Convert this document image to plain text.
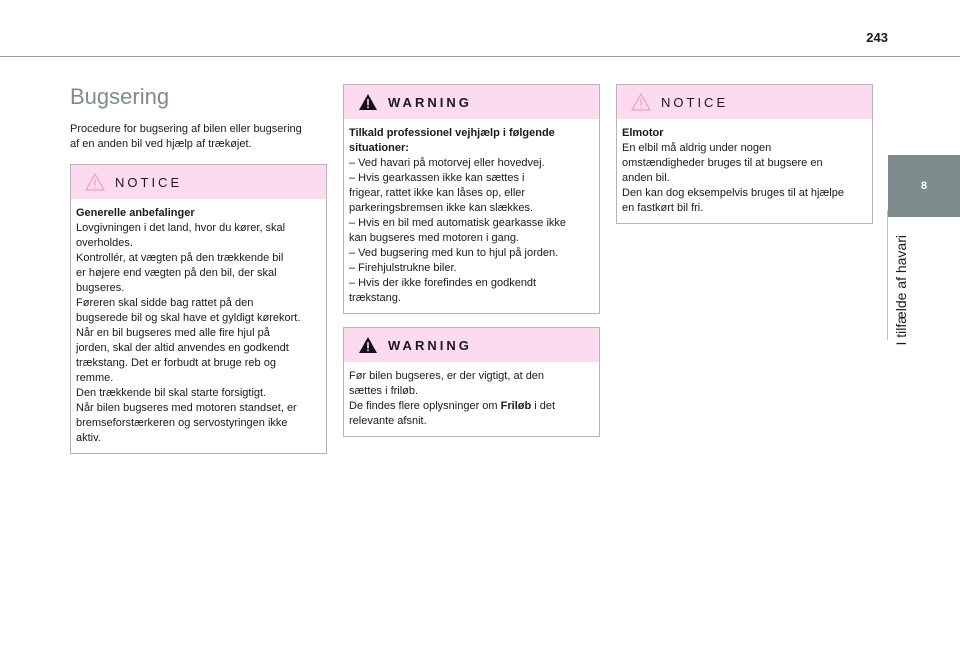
243
Bugsering
Procedure for bugsering af bilen eller bugsering
af en anden bil ved hjælp af trækøjet.
NOTICE
Generelle anbefalinger
Lovgivningen i det land, hvor du kører, skal
overholdes.
Kontrollér, at vægten på den trækkende bil
er højere end vægten på den bil, der skal
bugseres.
Føreren skal sidde bag rattet på den
bugserede bil og skal have et gyldigt kørekort.
Når en bil bugseres med alle fire hjul på
jorden, skal der altid anvendes en godkendt
trækstang. Det er forbudt at bruge reb og
remme.
Den trækkende bil skal starte forsigtigt.
Når bilen bugseres med motoren standset, er
bremseforstærkeren og servostyringen ikke
aktiv.
WARNING
Tilkald professionel vejhjælp i følgende
situationer:
– Ved havari på motorvej eller hovedvej.
– Hvis gearkassen ikke kan sættes i
frigear, rattet ikke kan låses op, eller
parkeringsbremsen ikke kan slækkes.
– Hvis en bil med automatisk gearkasse ikke
kan bugseres med motoren i gang.
– Ved bugsering med kun to hjul på jorden.
– Firehjulstrukne biler.
– Hvis der ikke forefindes en godkendt
trækstang.
WARNING
Før bilen bugseres, er der vigtigt, at den
sættes i friløb.
De findes flere oplysninger om Friløb i det
relevante afsnit.
NOTICE
Elmotor
En elbil må aldrig under nogen
omstændigheder bruges til at bugsere en
anden bil.
Den kan dog eksempelvis bruges til at hjælpe
en fastkørt bil fri.
8
I tilfælde af havari
